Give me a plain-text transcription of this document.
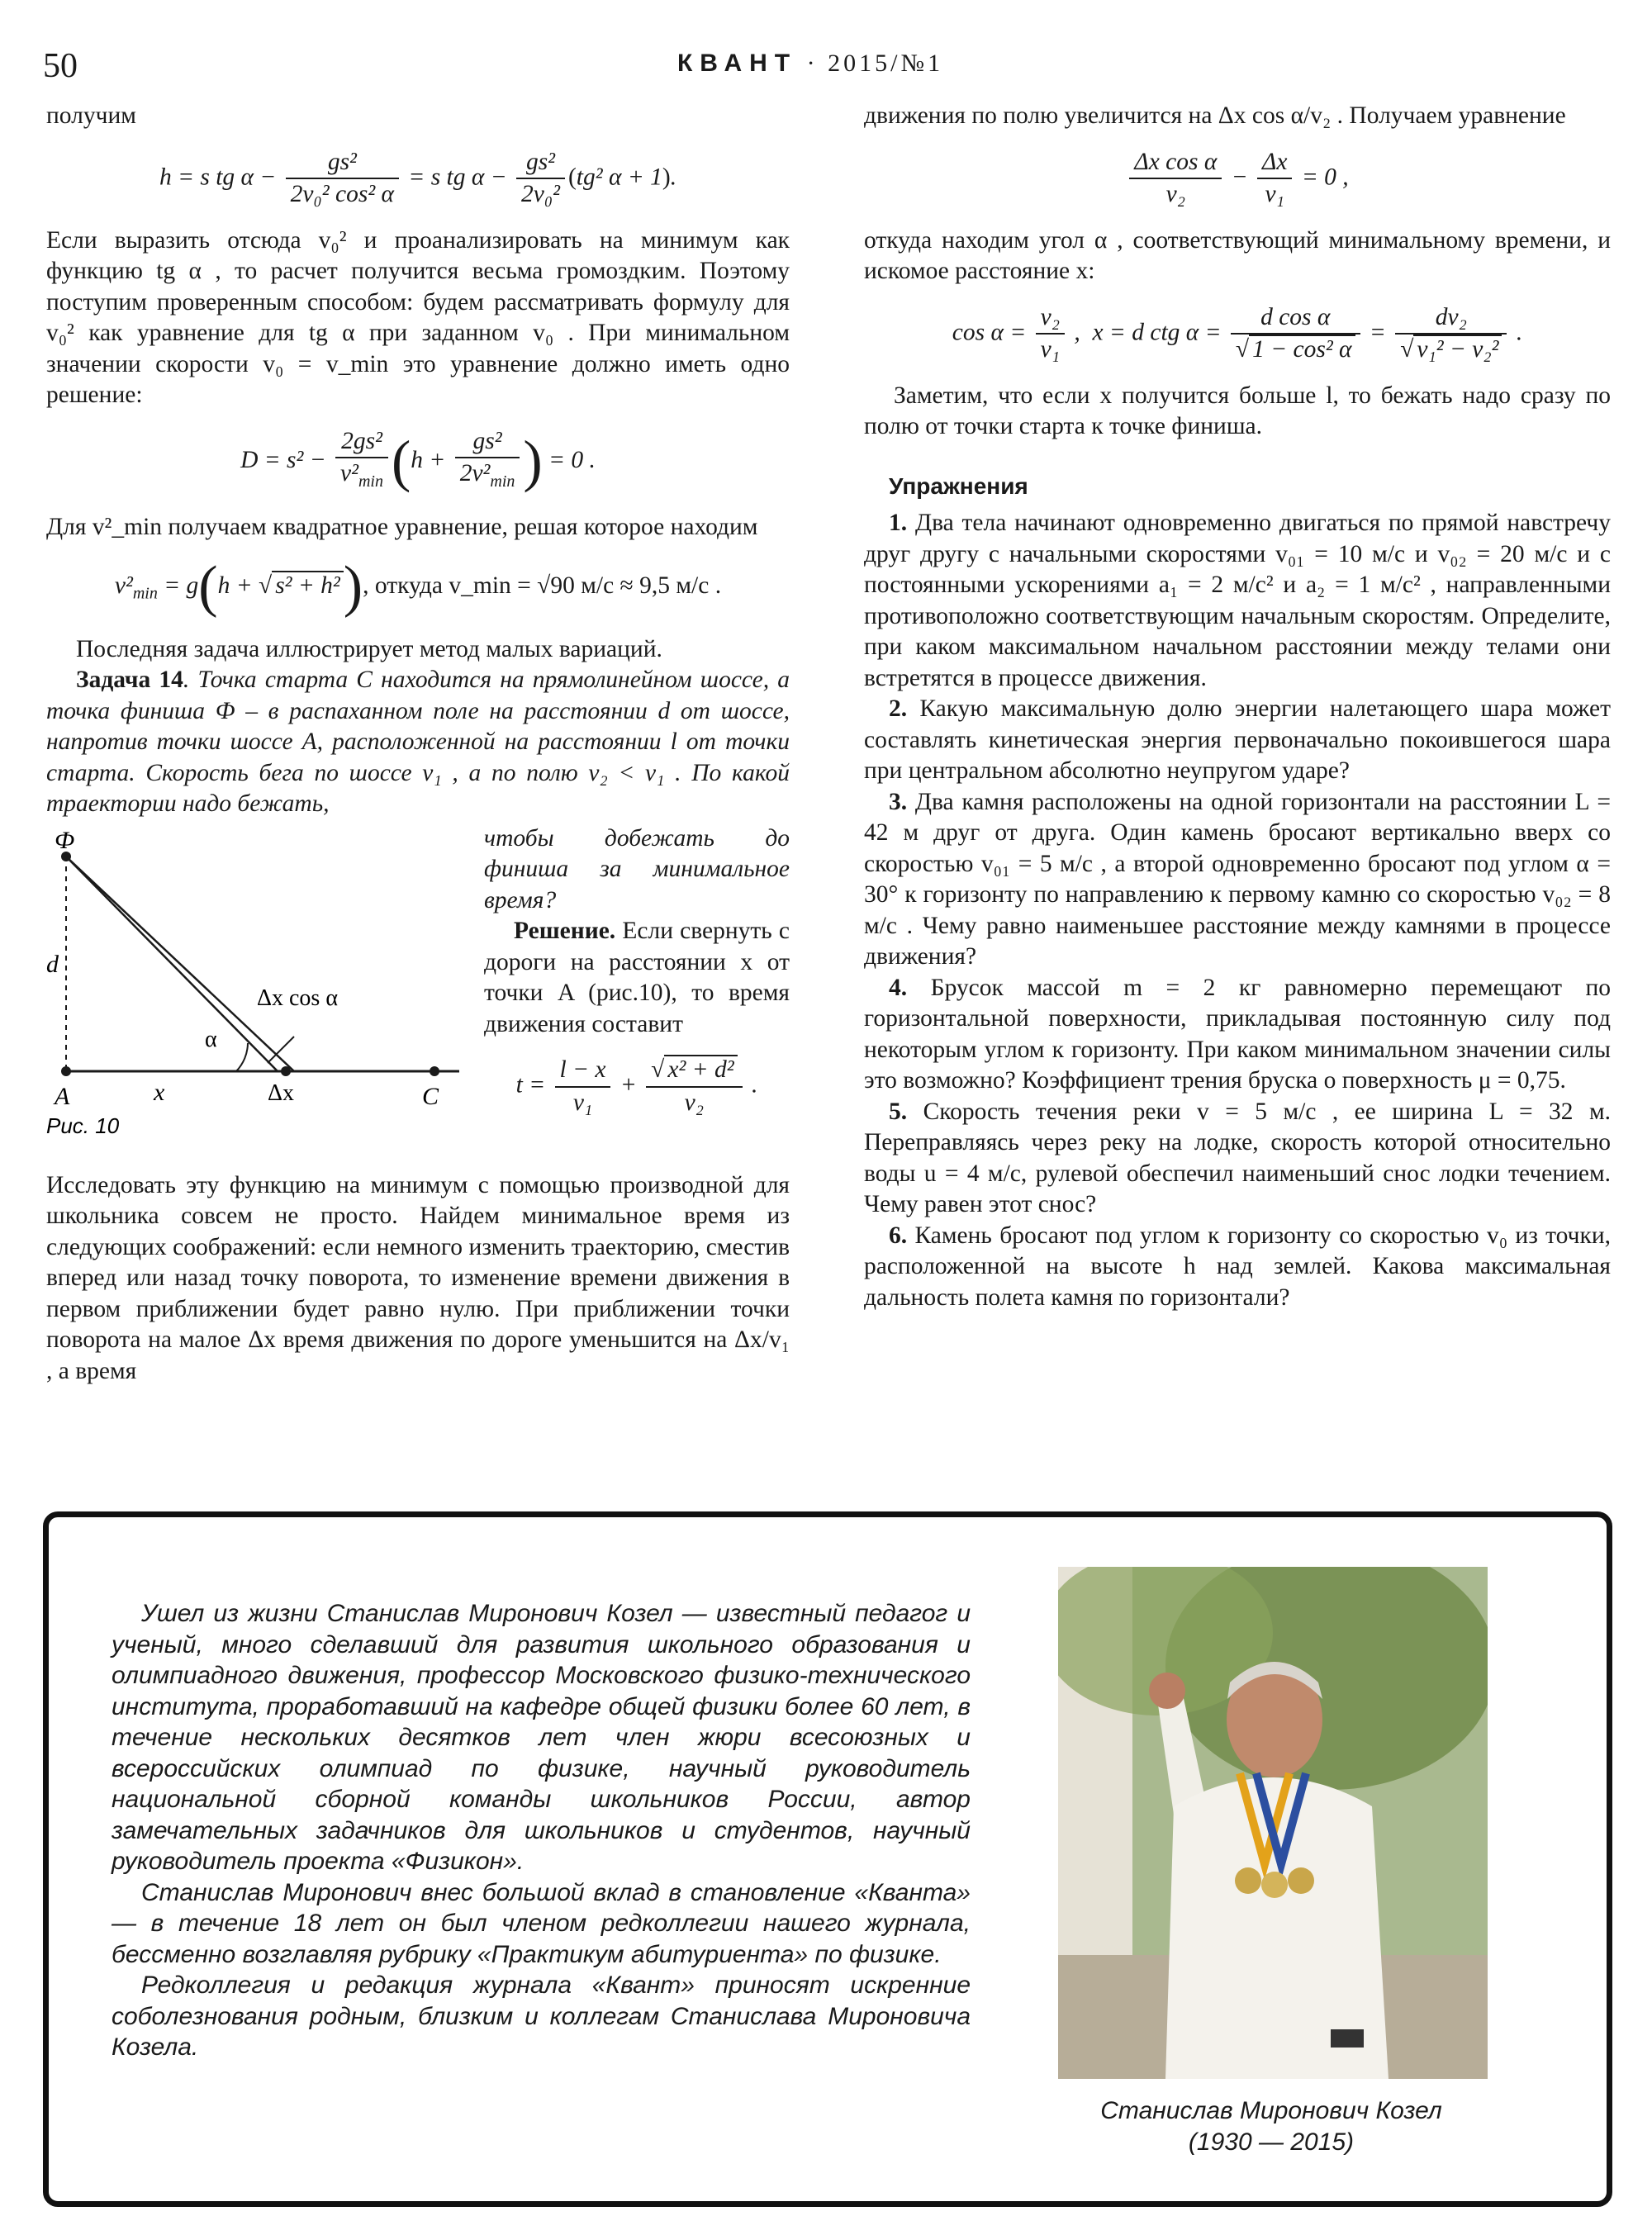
50	КВАНТ · 2015/№1

получим

h = s tg $\alpha - \frac{\text{gs²}}{\text{2v₀² cos² α}} = s$ tg $\alpha - \frac{\text{gs²}}{\text{2v₀²}} (tg^2$ α + 1).

Если выразить отсюда v₀² и проанализировать на минимум как функцию tg α , то расчет получится весьма громоздким. Поэтому поступим проверенным способом: будем рассматривать формулу для v₀² как уравнение для tg α при заданном v₀ . При минимальном значении скорости v₀ = v_min это уравнение должно иметь одно решение:

$D = s^2 - \frac{\text{2gs²}}{v^2_{min}} (h + \frac{\text{gs²}}{2v^2_{min}}$ ) = 0 .

Для v²_min получаем квадратное уравнение, решая которое находим

$v^2_{min} = g(h$ + √ s² + h²), откуда v_min = √90 м/с ≈ 9,5 м/с .

Последняя задача иллюстрирует метод малых вариаций.

Задача 14. Точка старта С находится на прямолинейном шоссе, а точка финиша Ф – в распаханном поле на расстоянии d от шоссе, напротив точки шоссе А, расположенной на расстоянии l от точки старта. Скорость бега по шоссе v₁ , а по полю v₂ < v₁ . По какой траектории надо бежать,

Ф
d
Δx cos α
α
A	x	Δx	C
Рис. 10

чтобы добежать до финиша за минимальное время?

Решение. Если свернуть с дороги на расстоянии x от точки A (рис.10), то время движения составит

$t = \frac{l - x}{\text{v₁}} + \frac{\text{√ x² + d²}}{\text{v₂}}$ .

Исследовать эту функцию на минимум с помощью производной для школьника совсем не просто. Найдем минимальное время из следующих соображений: если немного изменить траекторию, сместив вперед или назад точку поворота, то изменение времени движения в первом приближении будет равно нулю. При приближении точки поворота на малое Δx время движения по дороге уменьшится на Δx/v₁ , а время

движения по полю увеличится на Δx cos α/v₂ . Получаем уравнение

$\frac{\text{Δx cos α}}{\text{v₂}} - \frac{\Delta x}{\text{v₁}} = 0$ ,

откуда находим угол α , соответствующий минимальному времени, и искомое расстояние x:

$\cos \alpha = \frac{\text{v₂}}{\text{v₁}}$ ,  x = d ctg $\alpha = \frac{\text{d cos α}}{\text{√ 1 − cos² α}} = \frac{\text{dv₂}}{\text{√ v₁² − v₂²}}$ .

Заметим, что если x получится больше l, то бежать надо сразу по полю от точки старта к точке финиша.

Упражнения

1. Два тела начинают одновременно двигаться по прямой навстречу друг другу с начальными скоростями v₀₁ = 10 м/с и v₀₂ = 20 м/с и с постоянными ускорениями a₁ = 2 м/с² и a₂ = 1 м/с² , направленными противоположно соответствующим начальным скоростям. Определите, при каком максимальном начальном расстоянии между телами они встретятся в процессе движения.

2. Какую максимальную долю энергии налетающего шара может составлять кинетическая энергия первоначально покоившегося шара при центральном абсолютно неупругом ударе?

3. Два камня расположены на одной горизонтали на расстоянии L = 42 м друг от друга. Один камень бросают вертикально вверх со скоростью v₀₁ = 5 м/с , а второй одновременно бросают под углом α = 30° к горизонту по направлению к первому камню со скоростью v₀₂ = 8 м/с . Чему равно наименьшее расстояние между камнями в процессе движения?

4. Брусок массой m = 2 кг равномерно перемещают по горизонтальной поверхности, прикладывая постоянную силу под некоторым углом к горизонту. При каком минимальном значении силы это возможно? Коэффициент трения бруска о поверхность μ = 0,75.

5. Скорость течения реки v = 5 м/с , ее ширина L = 32 м. Переправляясь через реку на лодке, скорость которой относительно воды u = 4 м/с, рулевой обеспечил наименьший снос лодки течением. Чему равен этот снос?

6. Камень бросают под углом к горизонту со скоростью v₀ из точки, расположенной на высоте h над землей. Какова максимальная дальность полета камня по горизонтали?

Ушел из жизни Станислав Миронович Козел — известный педагог и ученый, много сделавший для развития школьного образования и олимпиадного движения, профессор Московского физико-технического института, проработавший на кафедре общей физики более 60 лет, в течение нескольких десятков лет член жюри всесоюзных и всероссийских олимпиад по физике, научный руководитель национальной сборной команды школьников России, автор замечательных задачников для школьников и студентов, научный руководитель проекта «Физикон».

Станислав Миронович внес большой вклад в становление «Кванта» — в течение 18 лет он был членом редколлегии нашего журнала, бессменно возглавляя рубрику «Практикум абитуриента» по физике.

Редколлегия и редакция журнала «Квант» приносят искренние соболезнования родным, близким и коллегам Станислава Мироновича Козела.

Станислав Миронович Козел
(1930 — 2015)
